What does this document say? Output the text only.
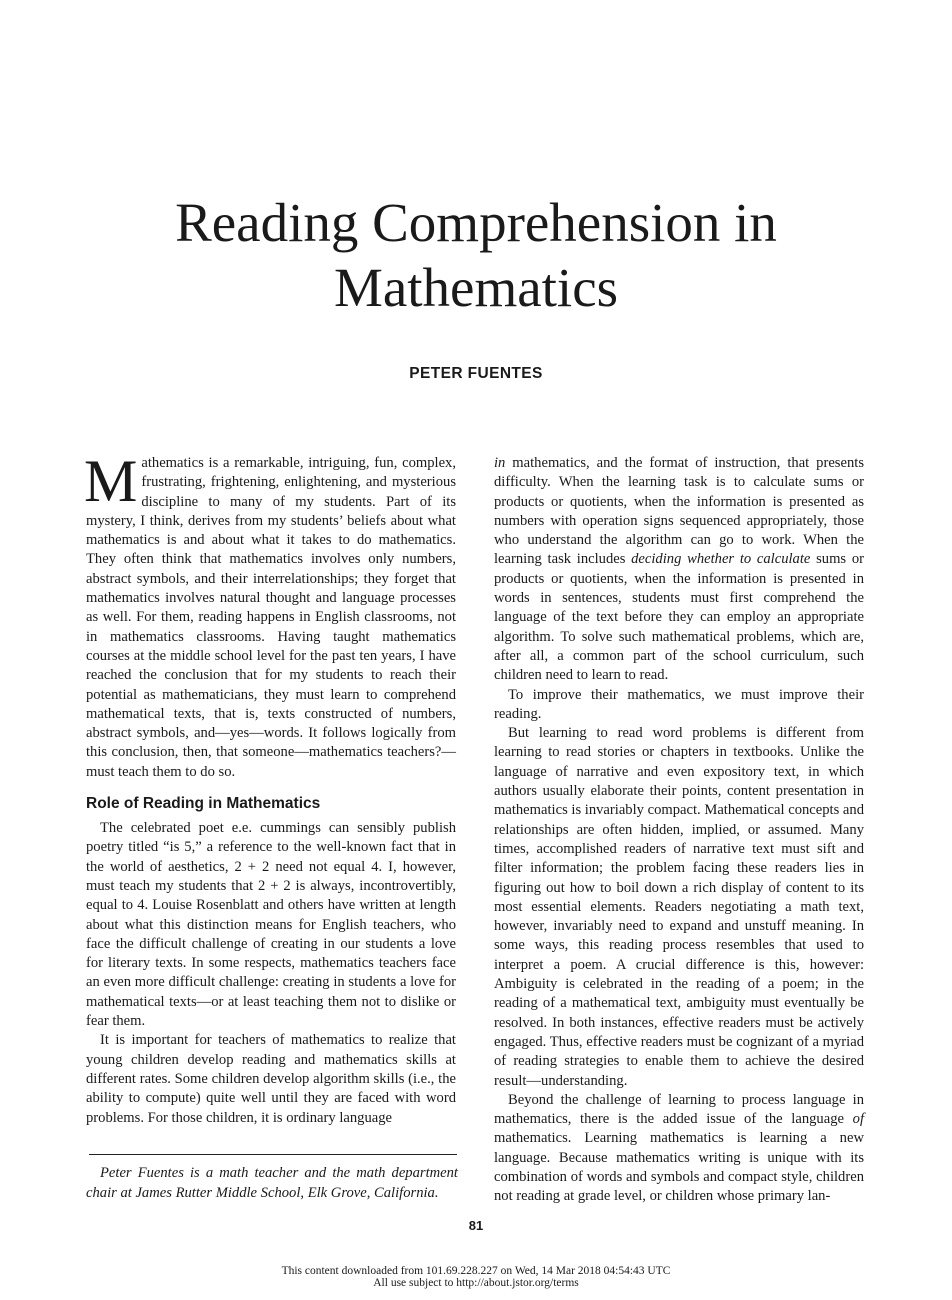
Reading Comprehension in
Mathematics
PETER FUENTES

Mathematics is a remarkable, intriguing, fun, complex, frustrating, frightening, enlightening, and mysterious discipline to many of my students. Part of its mystery, I think, derives from my students’ beliefs about what mathematics is and about what it takes to do mathematics. They often think that mathematics involves only numbers, abstract symbols, and their interrelationships; they forget that mathematics involves natural thought and language processes as well. For them, reading happens in English classrooms, not in mathematics classrooms. Having taught mathematics courses at the middle school level for the past ten years, I have reached the conclusion that for my students to reach their potential as mathematicians, they must learn to comprehend mathematical texts, that is, texts constructed of numbers, abstract symbols, and—yes—words. It follows logically from this conclusion, then, that someone—mathematics teachers?—must teach them to do so.

Role of Reading in Mathematics

The celebrated poet e.e. cummings can sensibly publish poetry titled “is 5,” a reference to the well-known fact that in the world of aesthetics, 2 + 2 need not equal 4. I, however, must teach my students that 2 + 2 is always, incontrovertibly, equal to 4. Louise Rosenblatt and others have written at length about what this distinction means for English teachers, who face the difficult challenge of creating in our students a love for literary texts. In some respects, mathematics teachers face an even more difficult challenge: creating in students a love for mathematical texts—or at least teaching them not to dislike or fear them.

It is important for teachers of mathematics to realize that young children develop reading and mathematics skills at different rates. Some children develop algorithm skills (i.e., the ability to compute) quite well until they are faced with word problems. For those children, it is ordinary language

in mathematics, and the format of instruction, that presents difficulty. When the learning task is to calculate sums or products or quotients, when the information is presented as numbers with operation signs sequenced appropriately, those who understand the algorithm can go to work. When the learning task includes deciding whether to calculate sums or products or quotients, when the information is presented in words in sentences, students must first comprehend the language of the text before they can employ an appropriate algorithm. To solve such mathematical problems, which are, after all, a common part of the school curriculum, such children need to learn to read.

To improve their mathematics, we must improve their reading.

But learning to read word problems is different from learning to read stories or chapters in textbooks. Unlike the language of narrative and even expository text, in which authors usually elaborate their points, content presentation in mathematics is invariably compact. Mathematical concepts and relationships are often hidden, implied, or assumed. Many times, accomplished readers of narrative text must sift and filter information; the problem facing these readers lies in figuring out how to boil down a rich display of content to its most essential elements. Readers negotiating a math text, however, invariably need to expand and unstuff meaning. In some ways, this reading process resembles that used to interpret a poem. A crucial difference is this, however: Ambiguity is celebrated in the reading of a poem; in the reading of a mathematical text, ambiguity must eventually be resolved. In both instances, effective readers must be actively engaged. Thus, effective readers must be cognizant of a myriad of reading strategies to enable them to achieve the desired result—understanding.

Beyond the challenge of learning to process language in mathematics, there is the added issue of the language of mathematics. Learning mathematics is learning a new language. Because mathematics writing is unique with its combination of words and symbols and compact style, children not reading at grade level, or children whose primary lan-

Peter Fuentes is a math teacher and the math department chair at James Rutter Middle School, Elk Grove, California.

81
This content downloaded from 101.69.228.227 on Wed, 14 Mar 2018 04:54:43 UTC
All use subject to http://about.jstor.org/terms
